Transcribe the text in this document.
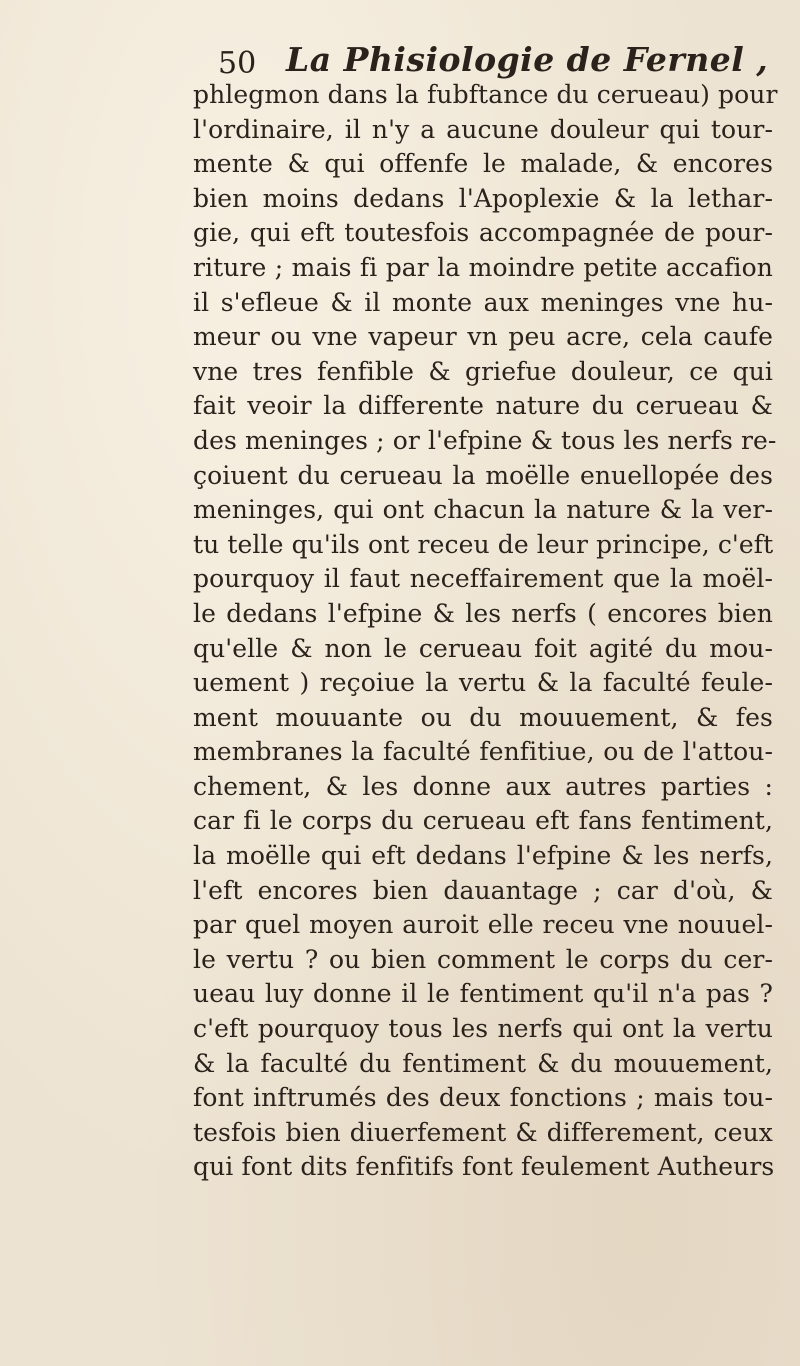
50 La Phisiologie de Fernel ,
phlegmon dans la fubftance du cerueau) pour
l'ordinaire, il n'y a aucune douleur qui tour-
mente & qui offenfe le malade, & encores
bien moins dedans l'Apoplexie & la lethar-
gie, qui eft toutesfois accompagnée de pour-
riture ; mais fi par la moindre petite accafion
il s'efleue & il monte aux meninges vne hu-
meur ou vne vapeur vn peu acre, cela caufe
vne tres fenfible & griefue douleur, ce qui
fait veoir la differente nature du cerueau &
des meninges ; or l'efpine & tous les nerfs re-
çoiuent du cerueau la moëlle enuellopée des
meninges, qui ont chacun la nature & la ver-
tu telle qu'ils ont receu de leur principe, c'eft
pourquoy il faut neceffairement que la moël-
le dedans l'efpine & les nerfs ( encores bien
qu'elle & non le cerueau foit agité du mou-
uement ) reçoiue la vertu & la faculté feule-
ment mouuante ou du mouuement, & fes
membranes la faculté fenfitiue, ou de l'attou-
chement, & les donne aux autres parties :
car fi le corps du cerueau eft fans fentiment,
la moëlle qui eft dedans l'efpine & les nerfs,
l'eft encores bien dauantage ; car d'où, &
par quel moyen auroit elle receu vne nouuel-
le vertu ? ou bien comment le corps du cer-
ueau luy donne il le fentiment qu'il n'a pas ?
c'eft pourquoy tous les nerfs qui ont la vertu
& la faculté du fentiment & du mouuement,
font inftrumés des deux fonctions ; mais tou-
tesfois bien diuerfement & differement, ceux
qui font dits fenfitifs font feulement Autheurs
